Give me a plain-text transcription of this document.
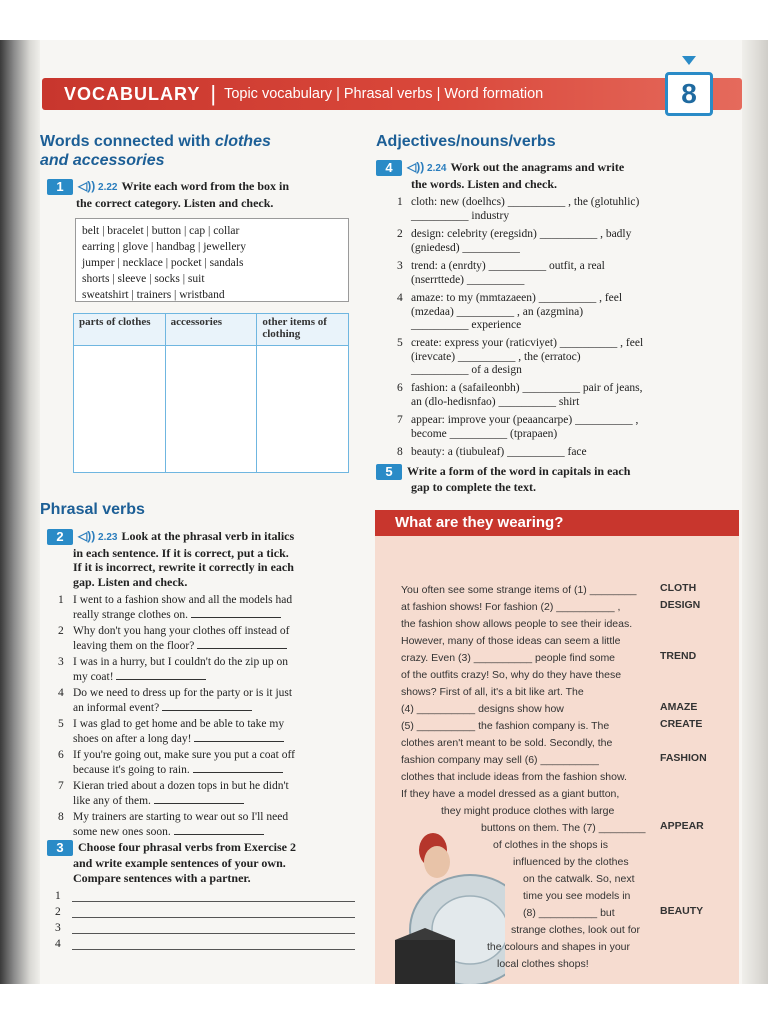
VOCABULARY | Topic vocabulary | Phrasal verbs | Word formation	8
Words connected with clothes
and accessories
1 ◁)) 2.22 Write each word from the box in
the correct category. Listen and check.
belt | bracelet | button | cap | collar
earring | glove | handbag | jewellery
jumper | necklace | pocket | sandals
shorts | sleeve | socks | suit
sweatshirt | trainers | wristband
parts of clothes	accessories	other items of clothing
Phrasal verbs
2 ◁)) 2.23 Look at the phrasal verb in italics
in each sentence. If it is correct, put a tick.
If it is incorrect, rewrite it correctly in each
gap. Listen and check.
1 I went to a fashion show and all the models had
really strange clothes on.
2 Why don't you hang your clothes off instead of
leaving them on the floor?
3 I was in a hurry, but I couldn't do the zip up on
my coat!
4 Do we need to dress up for the party or is it just
an informal event?
5 I was glad to get home and be able to take my
shoes on after a long day!
6 If you're going out, make sure you put a coat off
because it's going to rain.
7 Kieran tried about a dozen tops in but he didn't
like any of them.
8 My trainers are starting to wear out so I'll need
some new ones soon.
3 Choose four phrasal verbs from Exercise 2
and write example sentences of your own.
Compare sentences with a partner.
1
2
3
4
Adjectives/nouns/verbs
4 ◁)) 2.24 Work out the anagrams and write
the words. Listen and check.
1 cloth: new (doelhcs) __________ , the (glotuhlic)
__________ industry
2 design: celebrity (eregsidn) __________ , badly
(gniedesd) __________
3 trend: a (enrdty) __________ outfit, a real
(nserrttede) __________
4 amaze: to my (mmtazaeen) __________ , feel
(mzedaa) __________ , an (azgmina)
__________ experience
5 create: express your (raticviyet) __________ , feel
(irevcate) __________ , the (erratoc)
__________ of a design
6 fashion: a (safaileonbh) __________ pair of jeans,
an (dlo-hedisnfao) __________ shirt
7 appear: improve your (peaancarpe) __________ ,
become __________ (tprapaen)
8 beauty: a (tiubuleaf) __________ face
5 Write a form of the word in capitals in each
gap to complete the text.
What are they wearing?
You often see some strange items of (1) ________
at fashion shows! For fashion (2) __________ ,
the fashion show allows people to see their ideas.
However, many of those ideas can seem a little
crazy. Even (3) __________ people find some
of the outfits crazy! So, why do they have these
shows? First of all, it's a bit like art. The
(4) __________ designs show how
(5) __________ the fashion company is. The
clothes aren't meant to be sold. Secondly, the
fashion company may sell (6) __________
clothes that include ideas from the fashion show.
If they have a model dressed as a giant button,
they might produce clothes with large
buttons on them. The (7) ________
of clothes in the shops is
influenced by the clothes
on the catwalk. So, next
time you see models in
(8) __________ but
strange clothes, look out for
the colours and shapes in your
local clothes shops!
CLOTH
DESIGN
TREND
AMAZE
CREATE
FASHION
APPEAR
BEAUTY
